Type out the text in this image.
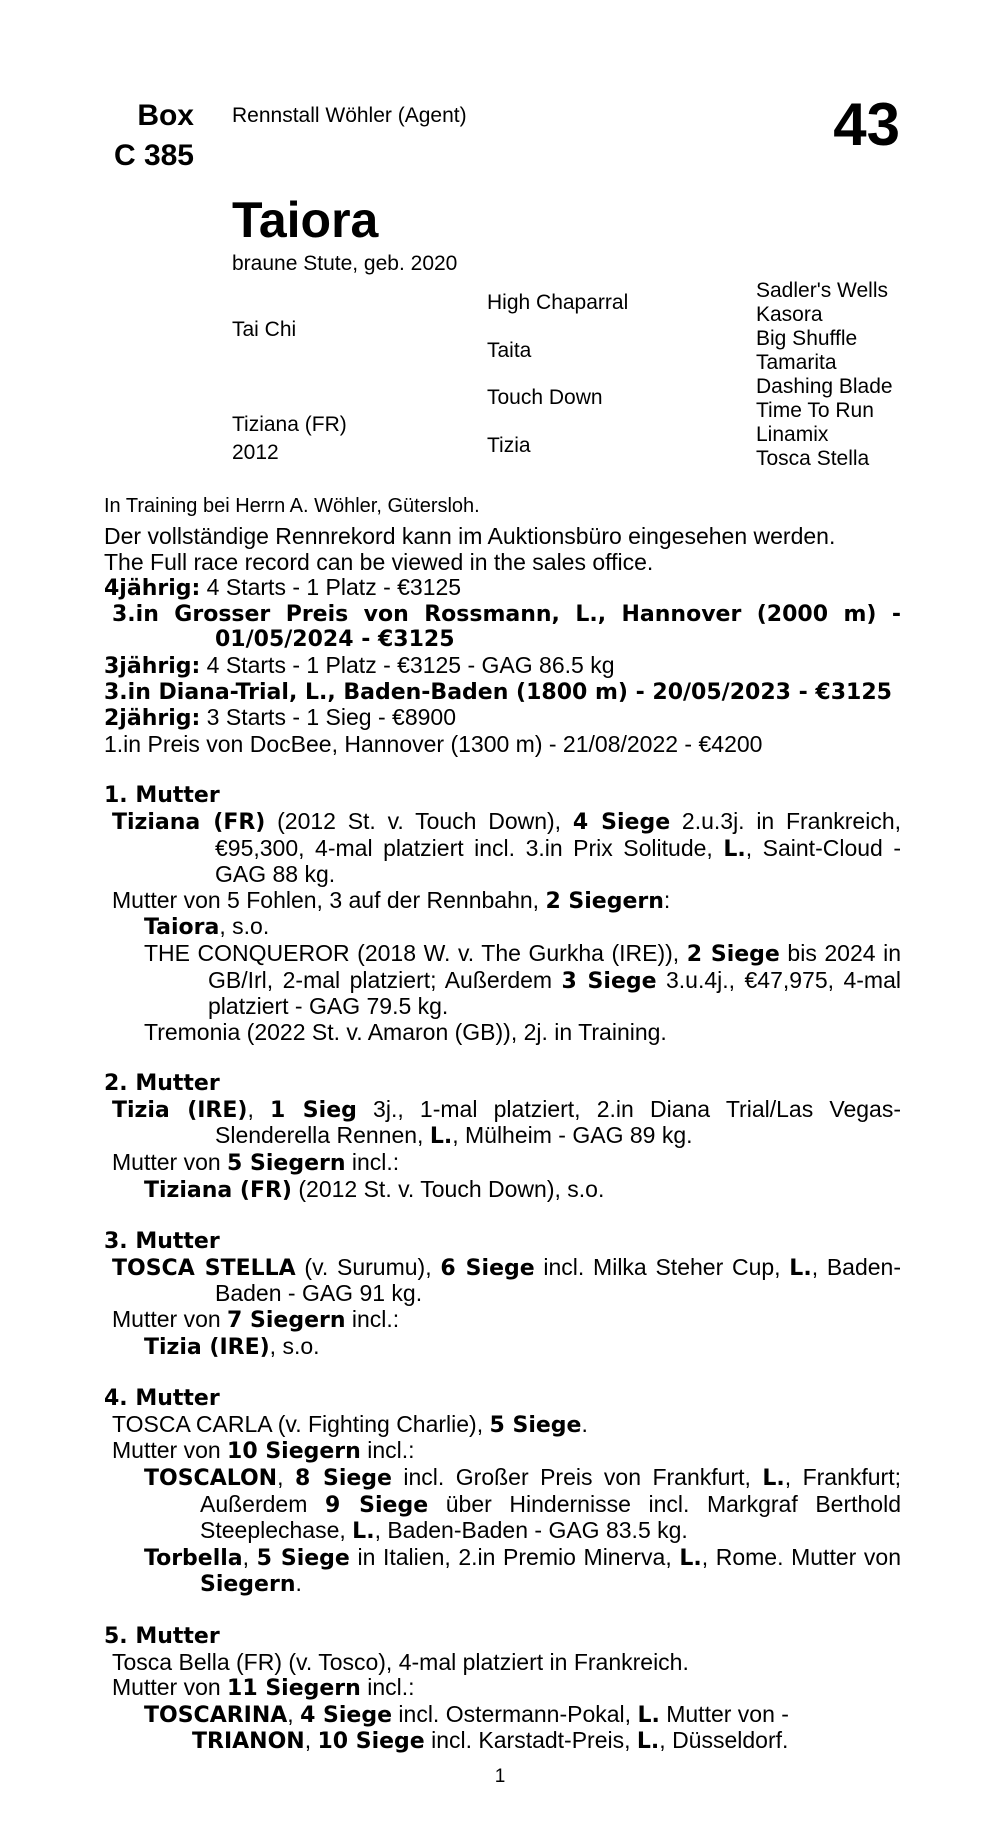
Box
C 385
Rennstall Wöhler (Agent)	43
Taiora
braune Stute, geb. 2020
Tai Chi
Tiziana (FR)
2012
High Chaparral
Taita
Touch Down
Tizia
Sadler's Wells
Kasora
Big Shuffle
Tamarita
Dashing Blade
Time To Run
Linamix
Tosca Stella
In Training bei Herrn A. Wöhler, Gütersloh.

Der vollständige Rennrekord kann im Auktionsbüro eingesehen werden.

The Full race record can be viewed in the sales office.

4jährig: 4 Starts - 1 Platz - €3125

3.in Grosser Preis von Rossmann, L., Hannover (2000 m) - 01/05/2024 - €3125

3jährig: 4 Starts - 1 Platz - €3125 - GAG 86.5 kg

3.in Diana-Trial, L., Baden-Baden (1800 m) - 20/05/2023 - €3125

2jährig: 3 Starts - 1 Sieg - €8900

1.in Preis von DocBee, Hannover (1300 m) - 21/08/2022 - €4200

1. Mutter

Tiziana (FR) (2012 St. v. Touch Down), 4 Siege 2.u.3j. in Frankreich, €95,300, 4-mal platziert incl. 3.in Prix Solitude, L., Saint-Cloud - GAG 88 kg.

Mutter von 5 Fohlen, 3 auf der Rennbahn, 2 Siegern:

Taiora, s.o.

THE CONQUEROR (2018 W. v. The Gurkha (IRE)), 2 Siege bis 2024 in GB/Irl, 2-mal platziert; Außerdem 3 Siege 3.u.4j., €47,975, 4-mal platziert - GAG 79.5 kg.

Tremonia (2022 St. v. Amaron (GB)), 2j. in Training.

2. Mutter

Tizia (IRE), 1 Sieg 3j., 1-mal platziert, 2.in Diana Trial/Las Vegas-Slenderella Rennen, L., Mülheim - GAG 89 kg.

Mutter von 5 Siegern incl.:

Tiziana (FR) (2012 St. v. Touch Down), s.o.

3. Mutter

TOSCA STELLA (v. Surumu), 6 Siege incl. Milka Steher Cup, L., Baden-Baden - GAG 91 kg.

Mutter von 7 Siegern incl.:

Tizia (IRE), s.o.

4. Mutter

TOSCA CARLA (v. Fighting Charlie), 5 Siege.

Mutter von 10 Siegern incl.:

TOSCALON, 8 Siege incl. Großer Preis von Frankfurt, L., Frankfurt; Außerdem 9 Siege über Hindernisse incl. Markgraf Berthold Steeplechase, L., Baden-Baden - GAG 83.5 kg.

Torbella, 5 Siege in Italien, 2.in Premio Minerva, L., Rome. Mutter von Siegern.

5. Mutter

Tosca Bella (FR) (v. Tosco), 4-mal platziert in Frankreich.

Mutter von 11 Siegern incl.:

TOSCARINA, 4 Siege incl. Ostermann-Pokal, L. Mutter von -

TRIANON, 10 Siege incl. Karstadt-Preis, L., Düsseldorf.

1
